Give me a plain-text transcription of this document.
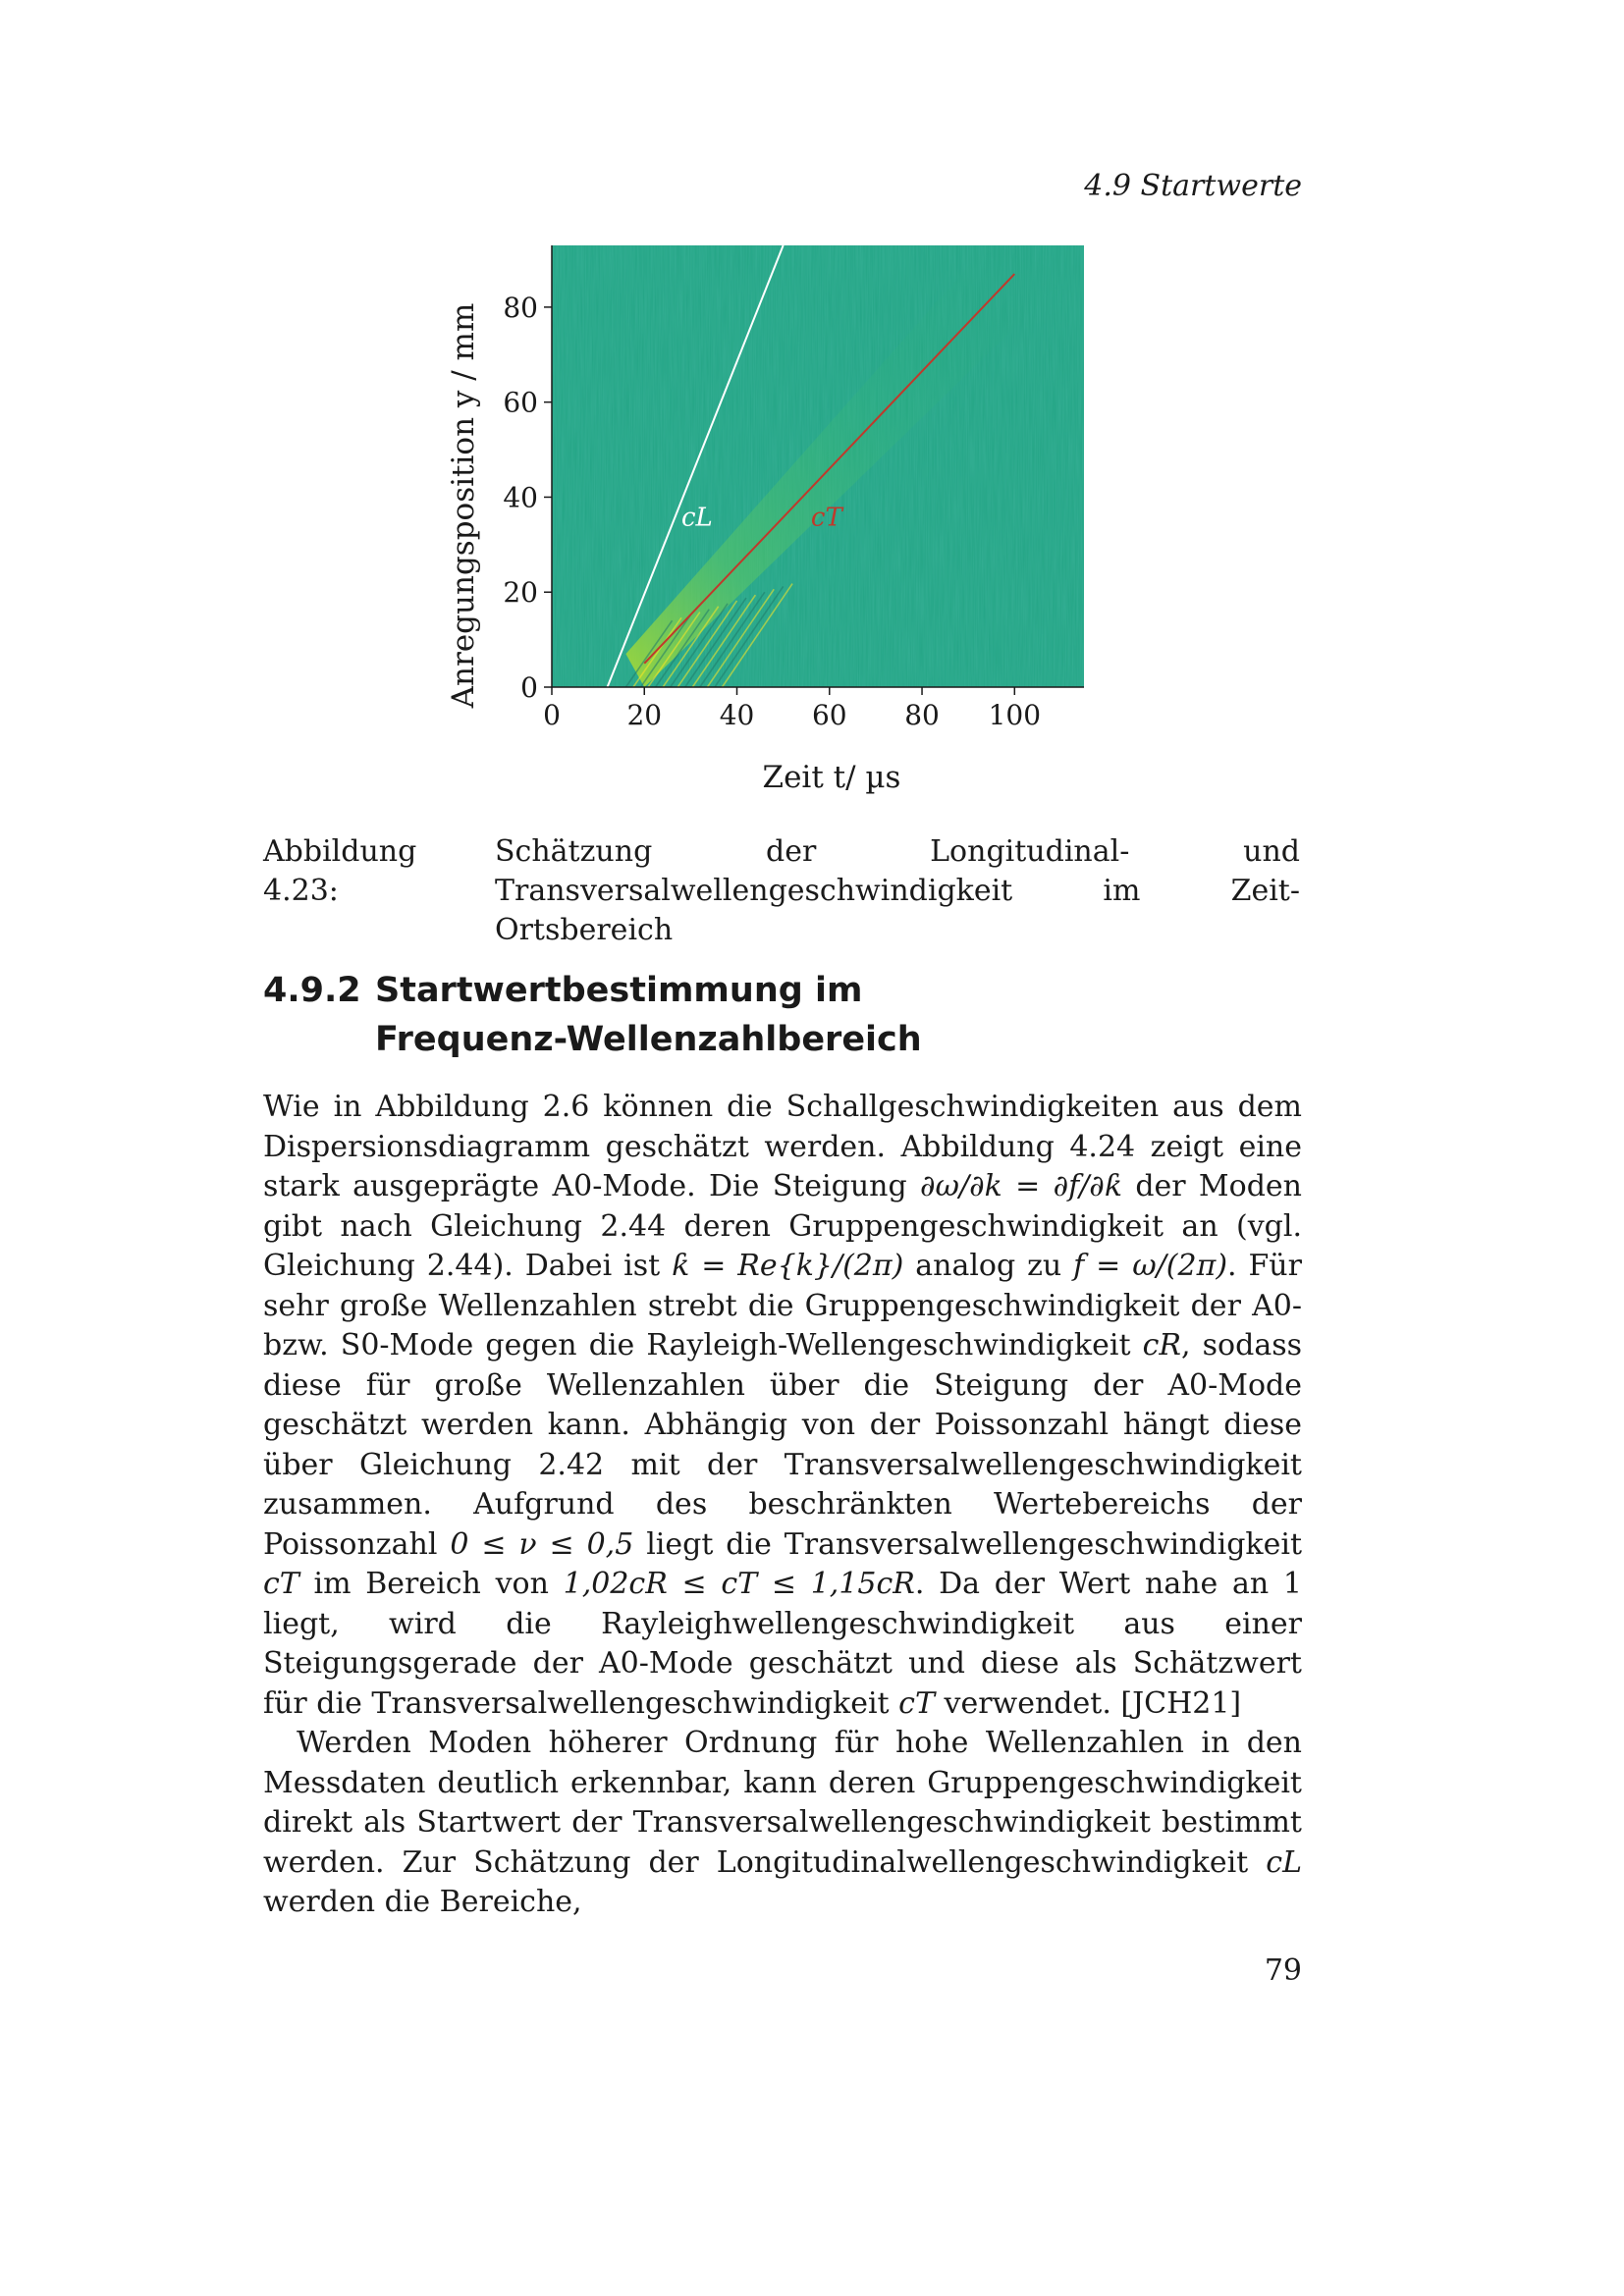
4.9 Startwerte
cL	cT
0 20 40 60 80 100
0
20
40
60
80
Zeit t/ µs
Anregungsposition y / mm
Abbildung 4.23:Schätzung der Longitudinal- und Transversalwellengeschwindigkeit im Zeit-Ortsbereich
4.9.2 Startwertbestimmung im
Frequenz-Wellenzahlbereich

Wie in Abbildung 2.6 können die Schallgeschwindigkeiten aus dem Dispersionsdiagramm geschätzt werden. Abbildung 4.24 zeigt eine stark ausgeprägte A0-Mode. Die Steigung ∂ω/∂k = ∂f/∂ƙ der Moden gibt nach Gleichung 2.44 deren Gruppengeschwindigkeit an (vgl. Gleichung 2.44). Dabei ist ƙ = Re{k}/(2π) analog zu f = ω/(2π). Für sehr große Wellenzahlen strebt die Gruppengeschwindigkeit der A0- bzw. S0-Mode gegen die Rayleigh-Wellengeschwindigkeit cR, sodass diese für große Wellenzahlen über die Steigung der A0-Mode geschätzt werden kann. Abhängig von der Poissonzahl hängt diese über Gleichung 2.42 mit der Transversalwellengeschwindigkeit zusammen. Aufgrund des beschränkten Wertebereichs der Poissonzahl 0 ≤ ν ≤ 0,5 liegt die Transversalwellengeschwindigkeit cT im Bereich von 1,02cR ≤ cT ≤ 1,15cR. Da der Wert nahe an 1 liegt, wird die Rayleighwellengeschwindigkeit aus einer Steigungsgerade der A0-Mode geschätzt und diese als Schätzwert für die Transversalwellengeschwindigkeit cT verwendet. [JCH21]

Werden Moden höherer Ordnung für hohe Wellenzahlen in den Messdaten deutlich erkennbar, kann deren Gruppengeschwindigkeit direkt als Startwert der Transversalwellengeschwindigkeit bestimmt werden. Zur Schätzung der Longitudinalwellengeschwindigkeit cL werden die Bereiche,

79
